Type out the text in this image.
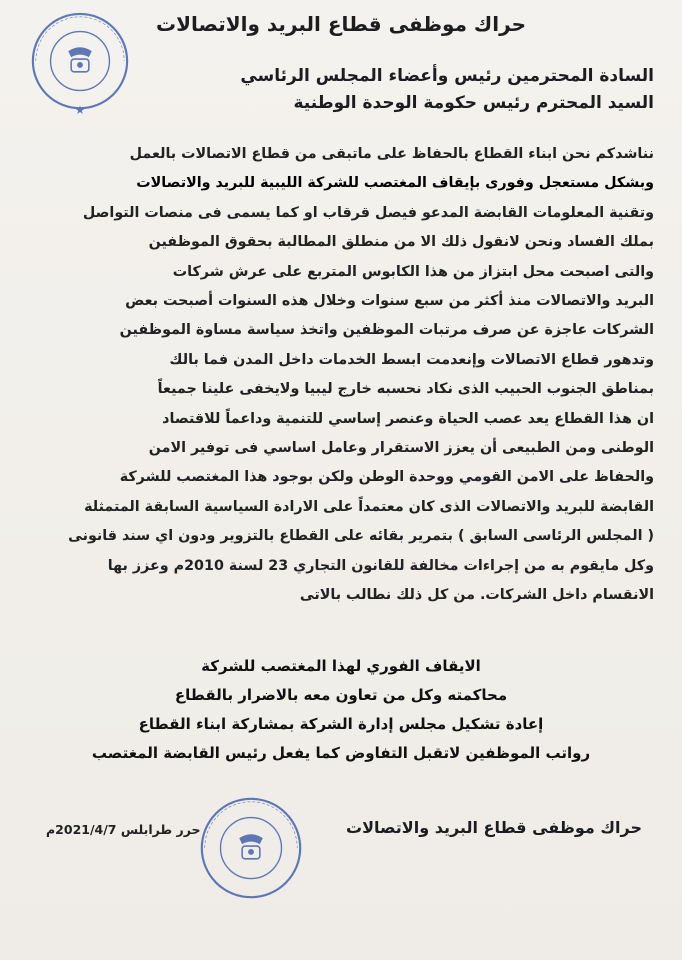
★
حراك موظفى قطاع البريد والاتصالات
السادة المحترمين رئيس وأعضاء المجلس الرئاسي
السيد المحترم رئيس حكومة الوحدة الوطنية
نناشدكم نحن ابناء القطاع بالحفاظ على ماتبقى من قطاع الاتصالات بالعمل
وبشكل مستعجل وفورى بإيقاف المغتصب للشركة الليبية للبريد والاتصالات
وتقنية المعلومات القابضة المدعو فيصل قرقاب او كما يسمى فى منصات التواصل
بملك الفساد ونحن لانقول ذلك الا من منطلق المطالبة بحقوق الموظفين
والتى اصبحت محل ابتزاز من هذا الكابوس المتربع على عرش شركات
البريد والاتصالات منذ أكثر من سبع سنوات وخلال هذه السنوات أصبحت بعض
الشركات عاجزة عن صرف مرتبات الموظفين واتخذ سياسة مساوة الموظفين
وتدهور قطاع الاتصالات وإنعدمت ابسط الخدمات داخل المدن فما بالك
بمناطق الجنوب الحبيب الذى نكاد نحسبه خارج ليبيا ولايخفى علينا جميعاً
ان هذا القطاع يعد عصب الحياة وعنصر إساسي للتنمية وداعماً للاقتصاد
الوطنى ومن الطبيعى أن يعزز الاستقرار وعامل اساسي فى توفير الامن
والحفاظ على الامن القومي ووحدة الوطن ولكن بوجود هذا المغتصب للشركة
القابضة للبريد والاتصالات الذى كان معتمداً على الارادة السياسية السابقة المتمثلة
( المجلس الرئاسى السابق ) بتمرير بقائه على القطاع بالتزوير ودون اي سند قانونى
وكل مايقوم به من إجراءات مخالفة للقانون التجاري 23 لسنة 2010م وعزز بها
الانقسام داخل الشركات. من كل ذلك نطالب بالاتى
الايقاف الفوري لهذا المغتصب للشركة
محاكمته وكل من تعاون معه بالاضرار بالقطاع
إعادة تشكيل مجلس إدارة الشركة بمشاركة ابناء القطاع
رواتب الموظفين لاتقبل التفاوض كما يفعل رئيس القابضة المغتصب
حراك موظفى قطاع البريد والاتصالات
حرر طرابلس 2021/4/7م
